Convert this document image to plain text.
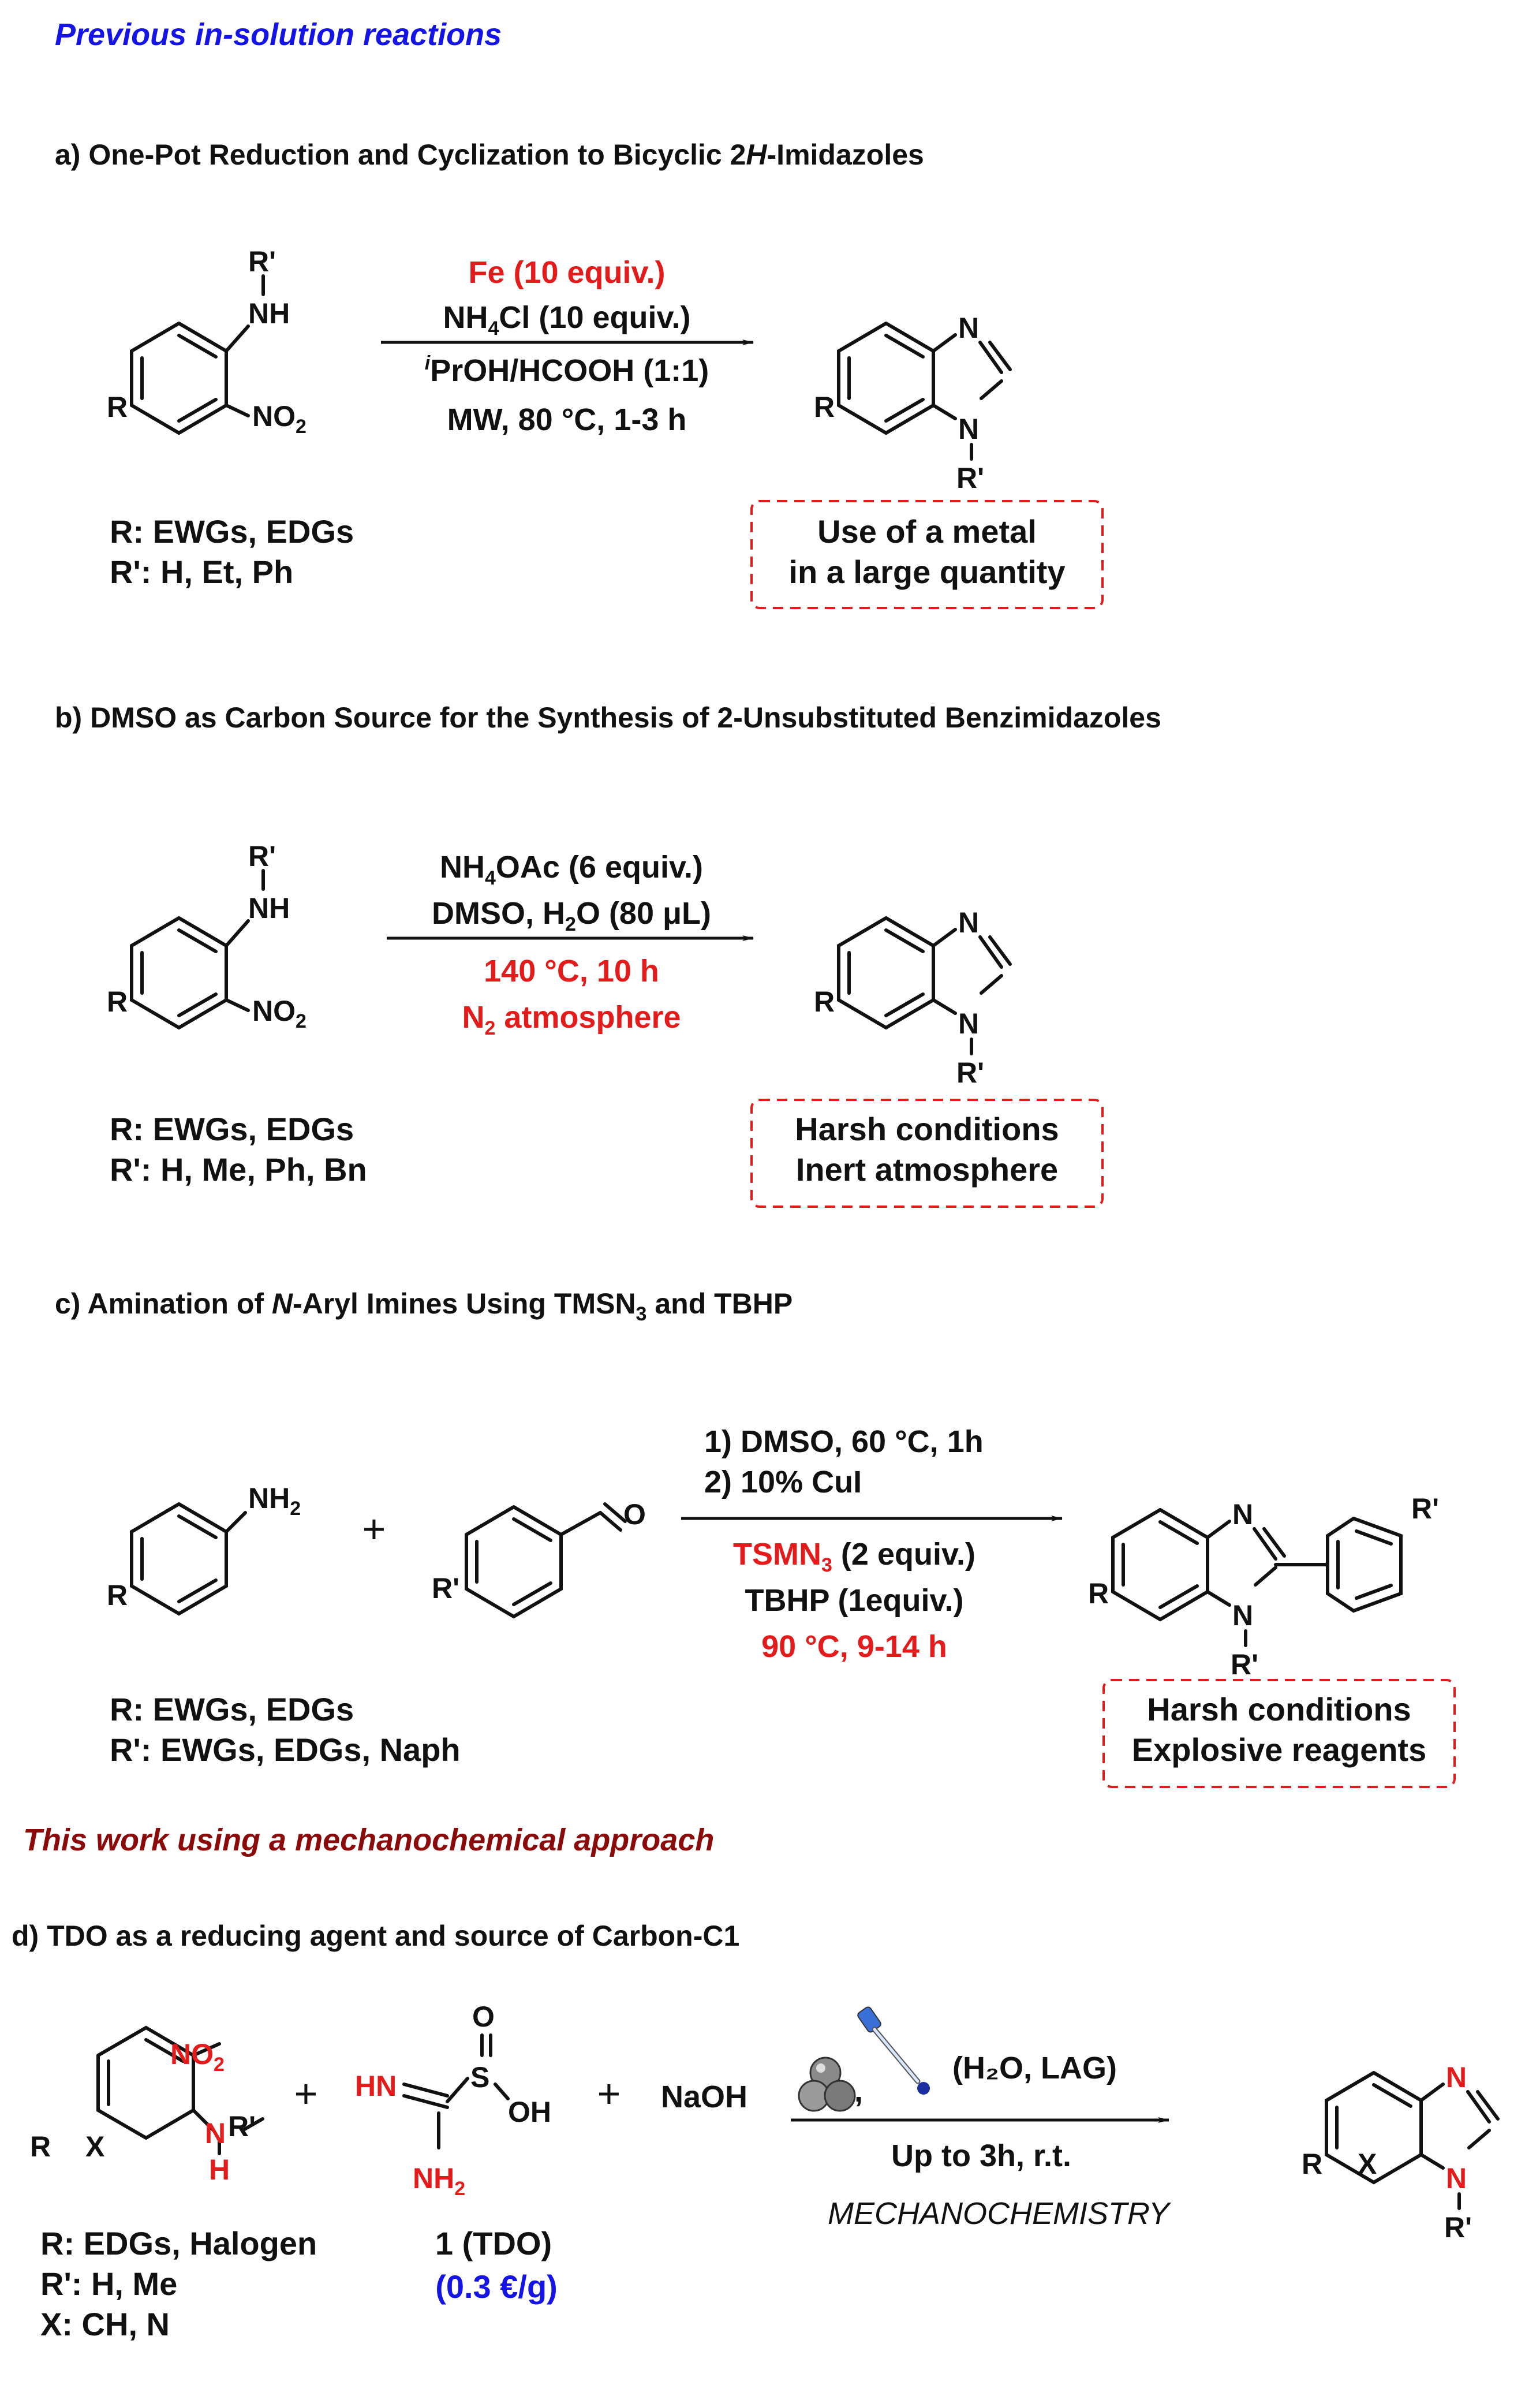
Previous in-solution reactions
a) One-Pot Reduction and Cyclization to Bicyclic 2H-Imidazoles
R'
NH
$NO_2$
R
Fe (10 equiv.)
$NH_4Cl$ (10 equiv.)
$^i$PrOH/HCOOH (1:1)
MW, 80 °C, 1-3 h
N
N
R'
R
R: EWGs, EDGs
R': H, Et, Ph
Use of a metal
in a large quantity
b) DMSO as Carbon Source for the Synthesis of 2-Unsubstituted Benzimidazoles
R'
NH
$NO_2$
R
$NH_4OAc$ (6 equiv.)
DMSO, $H_2O$ (80 μL)
140 °C, 10 h
$N_2$ atmosphere
N
N
R'
R
R: EWGs, EDGs
R': H, Me, Ph, Bn
Harsh conditions
Inert atmosphere
c) Amination of N-Aryl Imines Using $TMSN_3$ and TBHP
$NH_2$
R
+	O
R'
1) DMSO, 60 °C, 1h
2) 10% CuI
$TSMN_3$ (2 equiv.)
TBHP (1equiv.)
90 °C, 9-14 h
N
N
R'
R
R'
R: EWGs, EDGs
R': EWGs, EDGs, Naph
Harsh conditions
Explosive reagents
This work using a mechanochemical approach
d) TDO as a reducing agent and source of Carbon-C1
$NO_2$
N
H
R'
R X
+ HN
O
S
OH
$NH_2$
+ NaOH	,
(H₂O, LAG)
Up to 3h, r.t.
MECHANOCHEMISTRY
N
N
R'
R X
R: EDGs, Halogen
R': H, Me
X: CH, N
1 (TDO)
(0.3 €/g)
